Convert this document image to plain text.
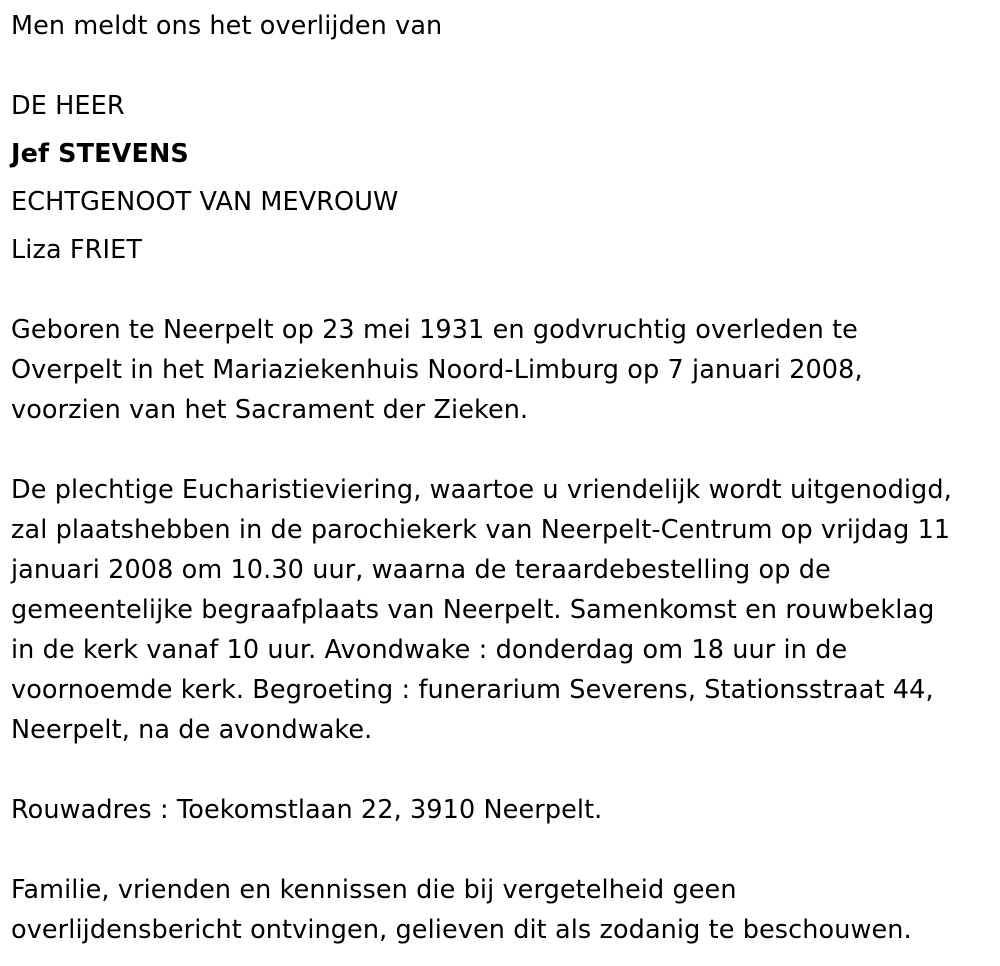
Men meldt ons het overlijden van
DE HEER
Jef STEVENS
ECHTGENOOT VAN MEVROUW
Liza FRIET
Geboren te Neerpelt op 23 mei 1931 en godvruchtig overleden te
Overpelt in het Mariaziekenhuis Noord-Limburg op 7 januari 2008,
voorzien van het Sacrament der Zieken.
De plechtige Eucharistieviering, waartoe u vriendelijk wordt uitgenodigd,
zal plaatshebben in de parochiekerk van Neerpelt-Centrum op vrijdag 11
januari 2008 om 10.30 uur, waarna de teraardebestelling op de
gemeentelijke begraafplaats van Neerpelt. Samenkomst en rouwbeklag
in de kerk vanaf 10 uur. Avondwake : donderdag om 18 uur in de
voornoemde kerk. Begroeting : funerarium Severens, Stationsstraat 44,
Neerpelt, na de avondwake.
Rouwadres : Toekomstlaan 22, 3910 Neerpelt.
Familie, vrienden en kennissen die bij vergetelheid geen
overlijdensbericht ontvingen, gelieven dit als zodanig te beschouwen.
